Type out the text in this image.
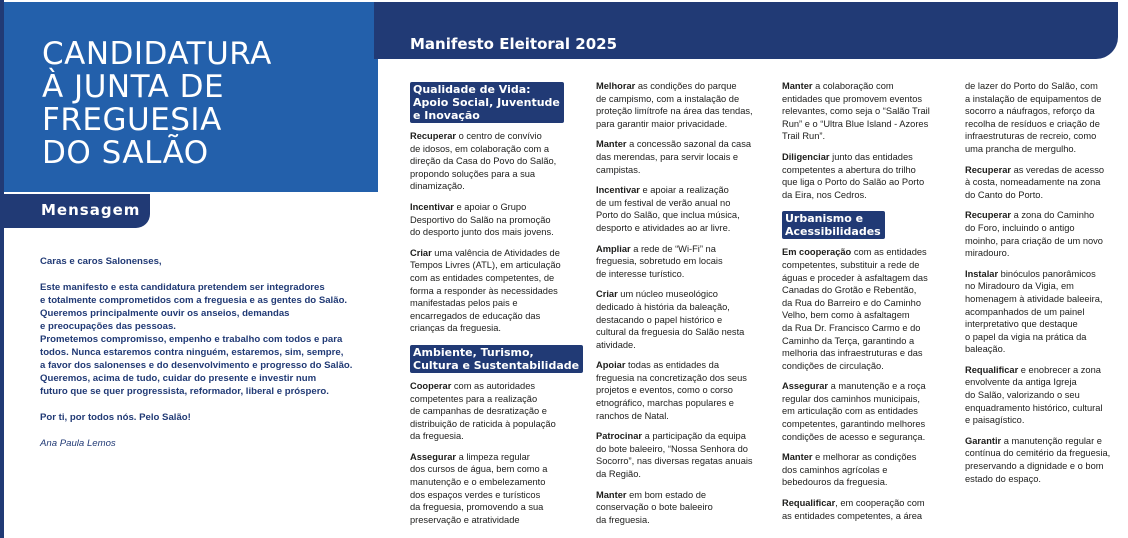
CANDIDATURA
À JUNTA DE
FREGUESIA
DO SALÃO
Mensagem

Caras e caros Salonenses,

Este manifesto e esta candidatura pretendem ser integradores
e totalmente comprometidos com a freguesia e as gentes do Salão.
Queremos principalmente ouvir os anseios, demandas
e preocupações das pessoas.
Prometemos compromisso, empenho e trabalho com todos e para
todos. Nunca estaremos contra ninguém, estaremos, sim, sempre,
a favor dos salonenses e do desenvolvimento e progresso do Salão.
Queremos, acima de tudo, cuidar do presente e investir num
futuro que se quer progressista, reformador, liberal e próspero.

Por ti, por todos nós. Pelo Salão!

Ana Paula Lemos

Manifesto Eleitoral 2025
Qualidade de Vida:
Apoio Social, Juventude
e Inovação

Recuperar o centro de convívio
de idosos, em colaboração com a
direção da Casa do Povo do Salão,
propondo soluções para a sua
dinamização.

Incentivar e apoiar o Grupo
Desportivo do Salão na promoção
do desporto junto dos mais jovens.

Criar uma valência de Atividades de
Tempos Livres (ATL), em articulação
com as entidades competentes, de
forma a responder às necessidades
manifestadas pelos pais e
encarregados de educação das
crianças da freguesia.

Ambiente, Turismo,
Cultura e Sustentabilidade

Cooperar com as autoridades
competentes para a realização
de campanhas de desratização e
distribuição de raticida à população
da freguesia.

Assegurar a limpeza regular
dos cursos de água, bem como a
manutenção e o embelezamento
dos espaços verdes e turísticos
da freguesia, promovendo a sua
preservação e atratividade

Melhorar as condições do parque
de campismo, com a instalação de
proteção limítrofe na área das tendas,
para garantir maior privacidade.

Manter a concessão sazonal da casa
das merendas, para servir locais e
campistas.

Incentivar e apoiar a realização
de um festival de verão anual no
Porto do Salão, que inclua música,
desporto e atividades ao ar livre.

Ampliar a rede de “Wi-Fi” na
freguesia, sobretudo em locais
de interesse turístico.

Criar um núcleo museológico
dedicado à história da baleação,
destacando o papel histórico e
cultural da freguesia do Salão nesta
atividade.

Apoiar todas as entidades da
freguesia na concretização dos seus
projetos e eventos, como o corso
etnográfico, marchas populares e
ranchos de Natal.

Patrocinar a participação da equipa
do bote baleeiro, “Nossa Senhora do
Socorro”, nas diversas regatas anuais
da Região.

Manter em bom estado de
conservação o bote baleeiro
da freguesia.

Manter a colaboração com
entidades que promovem eventos
relevantes, como seja o “Salão Trail
Run” e o “Ultra Blue Island - Azores
Trail Run”.

Diligenciar junto das entidades
competentes a abertura do trilho
que liga o Porto do Salão ao Porto
da Eira, nos Cedros.

Urbanismo e
Acessibilidades

Em cooperação com as entidades
competentes, substituir a rede de
águas e proceder à asfaltagem das
Canadas do Grotão e Rebentão,
da Rua do Barreiro e do Caminho
Velho, bem como à asfaltagem
da Rua Dr. Francisco Carmo e do
Caminho da Terça, garantindo a
melhoria das infraestruturas e das
condições de circulação.

Assegurar a manutenção e a roça
regular dos caminhos municipais,
em articulação com as entidades
competentes, garantindo melhores
condições de acesso e segurança.

Manter e melhorar as condições
dos caminhos agrícolas e
bebedouros da freguesia.

Requalificar, em cooperação com
as entidades competentes, a área

de lazer do Porto do Salão, com
a instalação de equipamentos de
socorro a náufragos, reforço da
recolha de resíduos e criação de
infraestruturas de recreio, como
uma prancha de mergulho.

Recuperar as veredas de acesso
à costa, nomeadamente na zona
do Canto do Porto.

Recuperar a zona do Caminho
do Foro, incluindo o antigo
moinho, para criação de um novo
miradouro.

Instalar binóculos panorâmicos
no Miradouro da Vigia, em
homenagem à atividade baleeira,
acompanhados de um painel
interpretativo que destaque
o papel da vigia na prática da
baleação.

Requalificar e enobrecer a zona
envolvente da antiga Igreja
do Salão, valorizando o seu
enquadramento histórico, cultural
e paisagístico.

Garantir a manutenção regular e
contínua do cemitério da freguesia,
preservando a dignidade e o bom
estado do espaço.
